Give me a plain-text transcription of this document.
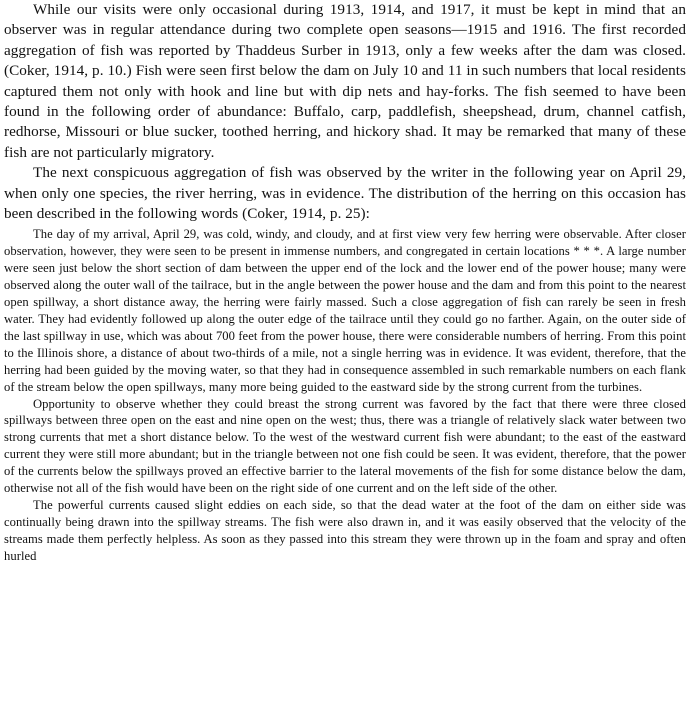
While our visits were only occasional during 1913, 1914, and 1917, it must be kept in mind that an observer was in regular attendance during two complete open seasons—1915 and 1916. The first recorded aggregation of fish was reported by Thaddeus Surber in 1913, only a few weeks after the dam was closed. (Coker, 1914, p. 10.) Fish were seen first below the dam on July 10 and 11 in such numbers that local residents captured them not only with hook and line but with dip nets and hay-forks. The fish seemed to have been found in the following order of abundance: Buffalo, carp, paddlefish, sheepshead, drum, channel catfish, redhorse, Missouri or blue sucker, toothed herring, and hickory shad. It may be remarked that many of these fish are not particularly migratory.

The next conspicuous aggregation of fish was observed by the writer in the following year on April 29, when only one species, the river herring, was in evidence. The distribution of the herring on this occasion has been described in the following words (Coker, 1914, p. 25):

The day of my arrival, April 29, was cold, windy, and cloudy, and at first view very few herring were observable. After closer observation, however, they were seen to be present in immense numbers, and congregated in certain locations * * *. A large number were seen just below the short section of dam between the upper end of the lock and the lower end of the power house; many were observed along the outer wall of the tailrace, but in the angle between the power house and the dam and from this point to the nearest open spillway, a short distance away, the herring were fairly massed. Such a close aggregation of fish can rarely be seen in fresh water. They had evidently followed up along the outer edge of the tailrace until they could go no farther. Again, on the outer side of the last spillway in use, which was about 700 feet from the power house, there were considerable numbers of herring. From this point to the Illinois shore, a distance of about two-thirds of a mile, not a single herring was in evidence. It was evident, therefore, that the herring had been guided by the moving water, so that they had in consequence assembled in such remarkable numbers on each flank of the stream below the open spillways, many more being guided to the eastward side by the strong current from the turbines.

Opportunity to observe whether they could breast the strong current was favored by the fact that there were three closed spillways between three open on the east and nine open on the west; thus, there was a triangle of relatively slack water between two strong currents that met a short distance below. To the west of the westward current fish were abundant; to the east of the eastward current they were still more abundant; but in the triangle between not one fish could be seen. It was evident, therefore, that the power of the currents below the spillways proved an effective barrier to the lateral movements of the fish for some distance below the dam, otherwise not all of the fish would have been on the right side of one current and on the left side of the other.

The powerful currents caused slight eddies on each side, so that the dead water at the foot of the dam on either side was continually being drawn into the spillway streams. The fish were also drawn in, and it was easily observed that the velocity of the streams made them perfectly helpless. As soon as they passed into this stream they were thrown up in the foam and spray and often hurled
